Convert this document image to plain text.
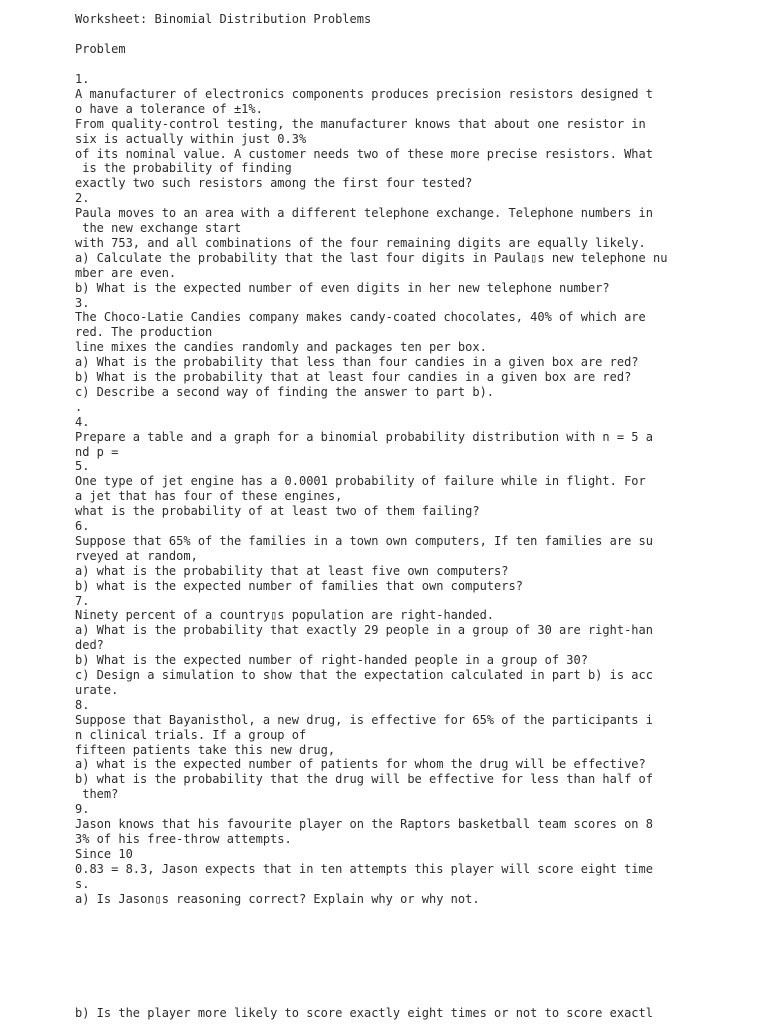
Worksheet: Binomial Distribution Problems

Problem

1.

A manufacturer of electronics components produces precision resistors designed t

o have a tolerance of ±1%.

From quality-control testing, the manufacturer knows that about one resistor in

six is actually within just 0.3%

of its nominal value. A customer needs two of these more precise resistors. What

is the probability of finding

exactly two such resistors among the first four tested?

2.

Paula moves to an area with a different telephone exchange. Telephone numbers in

the new exchange start

with 753, and all combinations of the four remaining digits are equally likely.

a) Calculate the probability that the last four digits in Paula▯s new telephone nu

mber are even.

b) What is the expected number of even digits in her new telephone number?

3.

The Choco-Latie Candies company makes candy-coated chocolates, 40% of which are

red. The production

line mixes the candies randomly and packages ten per box.

a) What is the probability that less than four candies in a given box are red?

b) What is the probability that at least four candies in a given box are red?

c) Describe a second way of finding the answer to part b).

.

4.

Prepare a table and a graph for a binomial probability distribution with n = 5 a

nd p =

5.

One type of jet engine has a 0.0001 probability of failure while in flight. For

a jet that has four of these engines,

what is the probability of at least two of them failing?

6.

Suppose that 65% of the families in a town own computers, If ten families are su

rveyed at random,

a) what is the probability that at least five own computers?

b) what is the expected number of families that own computers?

7.

Ninety percent of a country▯s population are right-handed.

a) What is the probability that exactly 29 people in a group of 30 are right-han

ded?

b) What is the expected number of right-handed people in a group of 30?

c) Design a simulation to show that the expectation calculated in part b) is acc

urate.

8.

Suppose that Bayanisthol, a new drug, is effective for 65% of the participants i

n clinical trials. If a group of

fifteen patients take this new drug,

a) what is the expected number of patients for whom the drug will be effective?

b) what is the probability that the drug will be effective for less than half of

them?

9.

Jason knows that his favourite player on the Raptors basketball team scores on 8

3% of his free-throw attempts.

Since 10

0.83 = 8.3, Jason expects that in ten attempts this player will score eight time

s.

a) Is Jason▯s reasoning correct? Explain why or why not.

b) Is the player more likely to score exactly eight times or not to score exactl
